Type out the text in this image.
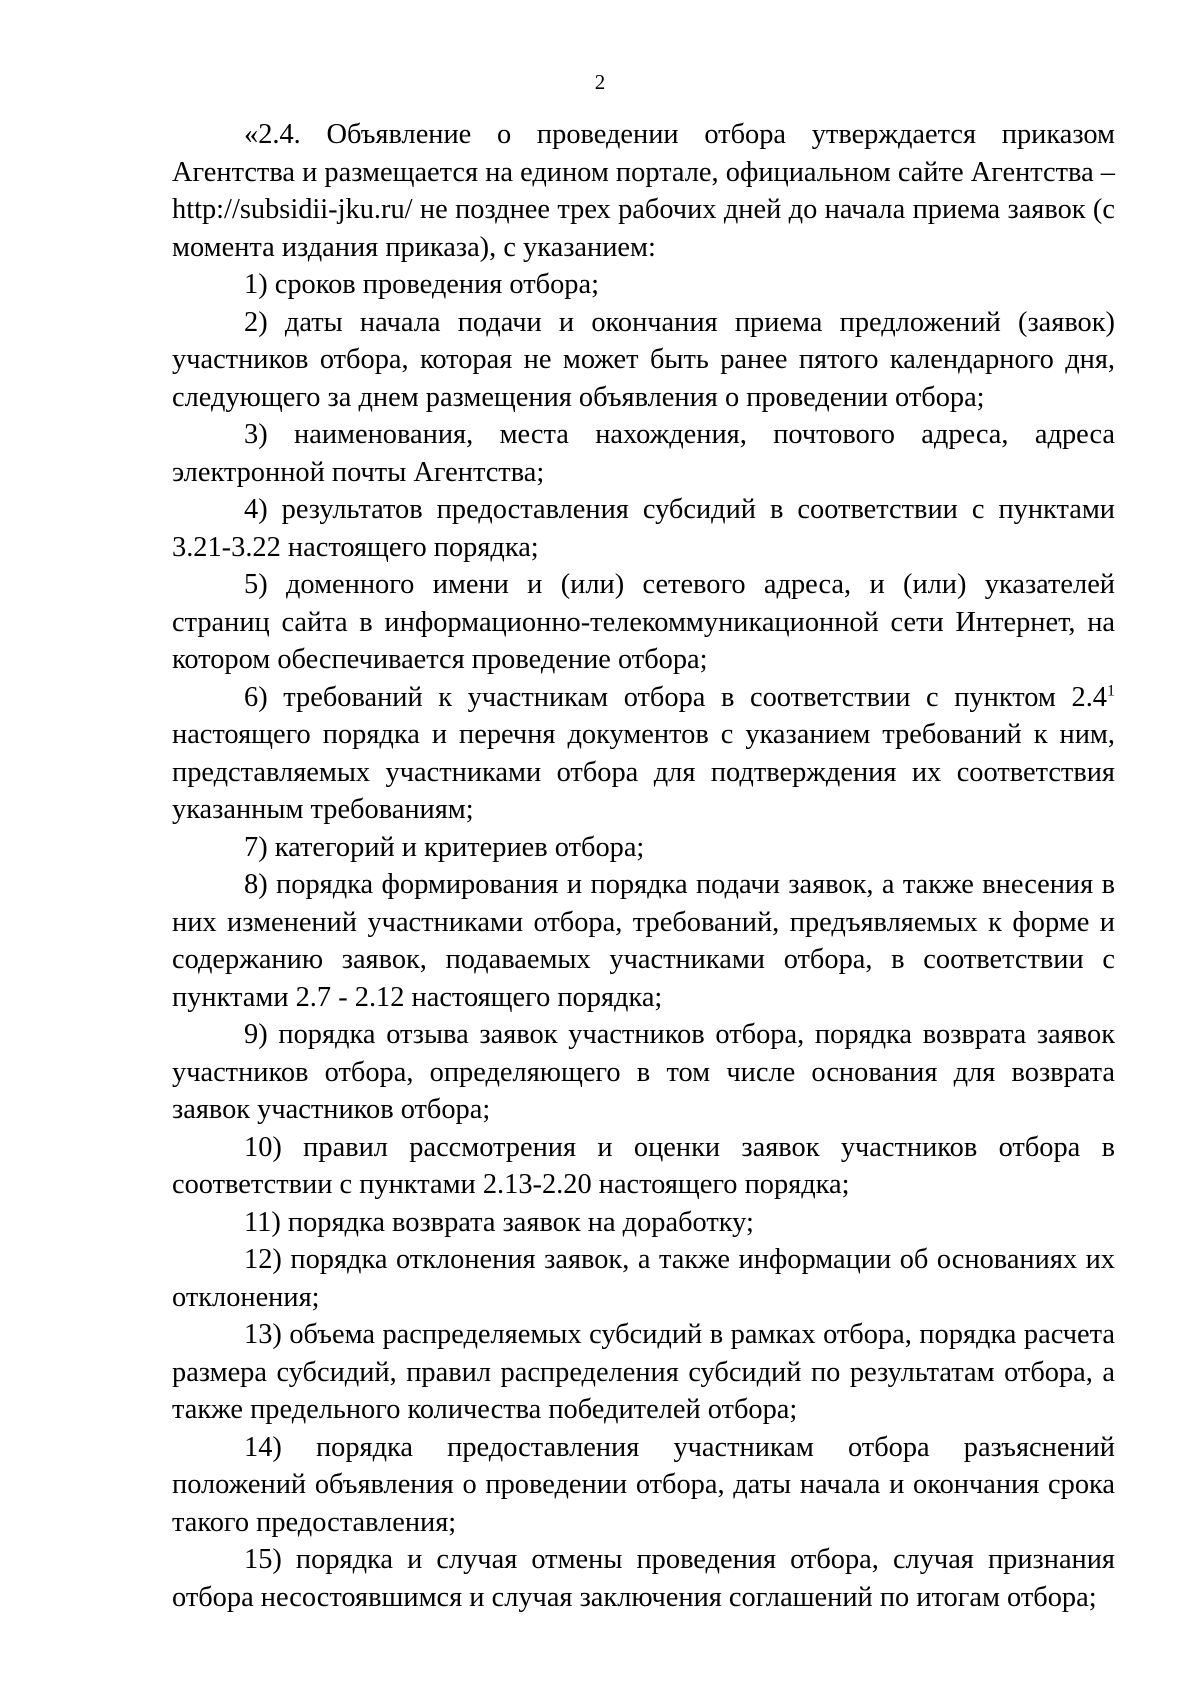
2

«2.4. Объявление о проведении отбора утверждается приказом Агентства и размещается на едином портале, официальном сайте Агентства – http://subsidii-jku.ru/ не позднее трех рабочих дней до начала приема заявок (с момента издания приказа), с указанием:

1) сроков проведения отбора;

2) даты начала подачи и окончания приема предложений (заявок) участников отбора, которая не может быть ранее пятого календарного дня, следующего за днем размещения объявления о проведении отбора;

3) наименования, места нахождения, почтового адреса, адреса электронной почты Агентства;

4) результатов предоставления субсидий в соответствии с пунктами 3.21-3.22 настоящего порядка;

5) доменного имени и (или) сетевого адреса, и (или) указателей страниц сайта в информационно-телекоммуникационной сети Интернет, на котором обеспечивается проведение отбора;

6) требований к участникам отбора в соответствии с пунктом $2.4^1$ настоящего порядка и перечня документов с указанием требований к ним, представляемых участниками отбора для подтверждения их соответствия указанным требованиям;

7) категорий и критериев отбора;

8) порядка формирования и порядка подачи заявок, а также внесения в них изменений участниками отбора, требований, предъявляемых к форме и содержанию заявок, подаваемых участниками отбора, в соответствии с пунктами 2.7 - 2.12 настоящего порядка;

9) порядка отзыва заявок участников отбора, порядка возврата заявок участников отбора, определяющего в том числе основания для возврата заявок участников отбора;

10) правил рассмотрения и оценки заявок участников отбора в соответствии с пунктами 2.13-2.20 настоящего порядка;

11) порядка возврата заявок на доработку;

12) порядка отклонения заявок, а также информации об основаниях их отклонения;

13) объема распределяемых субсидий в рамках отбора, порядка расчета размера субсидий, правил распределения субсидий по результатам отбора, а также предельного количества победителей отбора;

14) порядка предоставления участникам отбора разъяснений положений объявления о проведении отбора, даты начала и окончания срока такого предоставления;

15) порядка и случая отмены проведения отбора, случая признания отбора несостоявшимся и случая заключения соглашений по итогам отбора;
